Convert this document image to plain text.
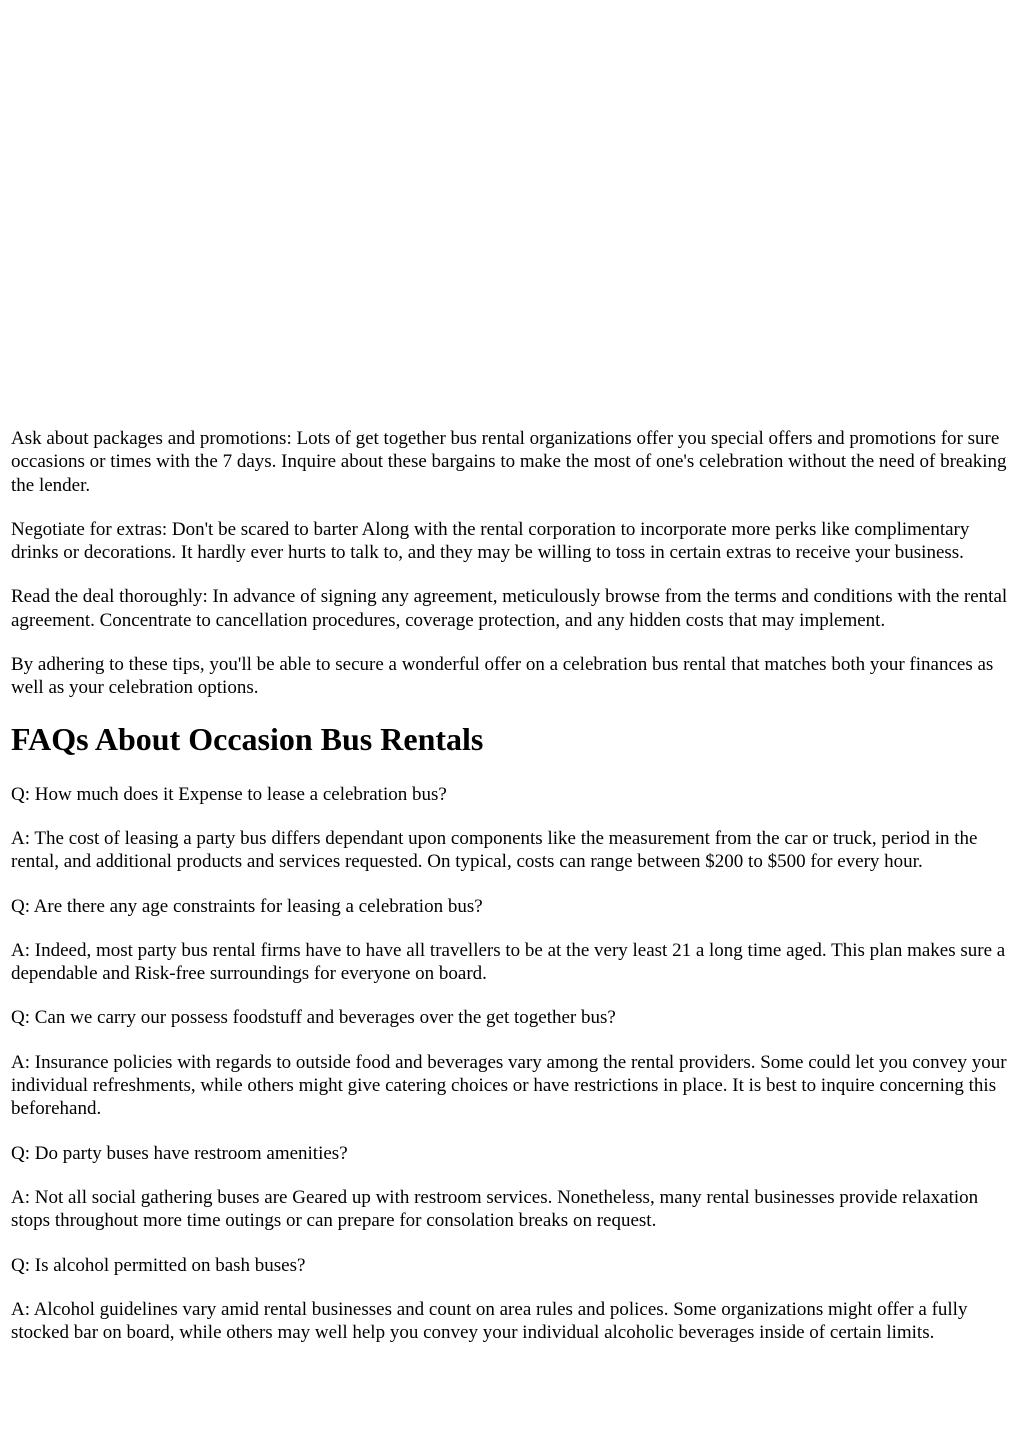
Ask about packages and promotions: Lots of get together bus rental organizations offer you special offers and promotions for sure occasions or times with the 7 days. Inquire about these bargains to make the most of one's celebration without the need of breaking the lender.

Negotiate for extras: Don't be scared to barter Along with the rental corporation to incorporate more perks like complimentary drinks or decorations. It hardly ever hurts to talk to, and they may be willing to toss in certain extras to receive your business.

Read the deal thoroughly: In advance of signing any agreement, meticulously browse from the terms and conditions with the rental agreement. Concentrate to cancellation procedures, coverage protection, and any hidden costs that may implement.

By adhering to these tips, you'll be able to secure a wonderful offer on a celebration bus rental that matches both your finances as well as your celebration options.

FAQs About Occasion Bus Rentals

Q: How much does it Expense to lease a celebration bus?

A: The cost of leasing a party bus differs dependant upon components like the measurement from the car or truck, period in the rental, and additional products and services requested. On typical, costs can range between $200 to $500 for every hour.

Q: Are there any age constraints for leasing a celebration bus?

A: Indeed, most party bus rental firms have to have all travellers to be at the very least 21 a long time aged. This plan makes sure a dependable and Risk-free surroundings for everyone on board.

Q: Can we carry our possess foodstuff and beverages over the get together bus?

A: Insurance policies with regards to outside food and beverages vary among the rental providers. Some could let you convey your individual refreshments, while others might give catering choices or have restrictions in place. It is best to inquire concerning this beforehand.

Q: Do party buses have restroom amenities?

A: Not all social gathering buses are Geared up with restroom services. Nonetheless, many rental businesses provide relaxation stops throughout more time outings or can prepare for consolation breaks on request.

Q: Is alcohol permitted on bash buses?

A: Alcohol guidelines vary amid rental businesses and count on area rules and polices. Some organizations might offer a fully stocked bar on board, while others may well help you convey your individual alcoholic beverages inside of certain limits.
